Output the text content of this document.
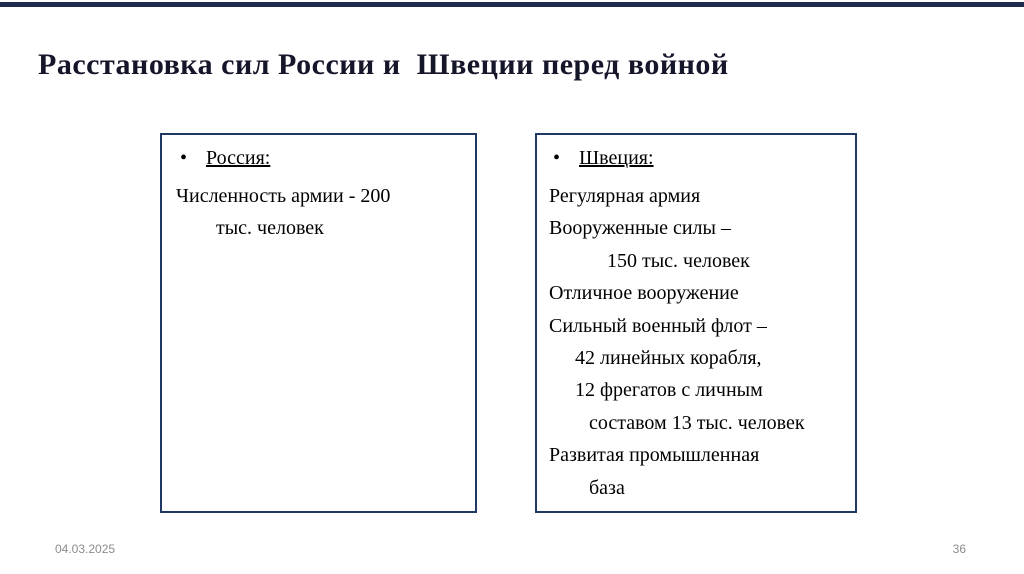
Расстановка сил России и  Швеции перед войной
• Россия:
Численность армии - 200
тыс. человек
• Швеция:
Регулярная армия
Вооруженные силы –
150 тыс. человек
Отличное вооружение
Сильный военный флот –
42 линейных корабля,
12 фрегатов с личным
составом 13 тыс. человек
Развитая промышленная
база
04.03.2025	36
